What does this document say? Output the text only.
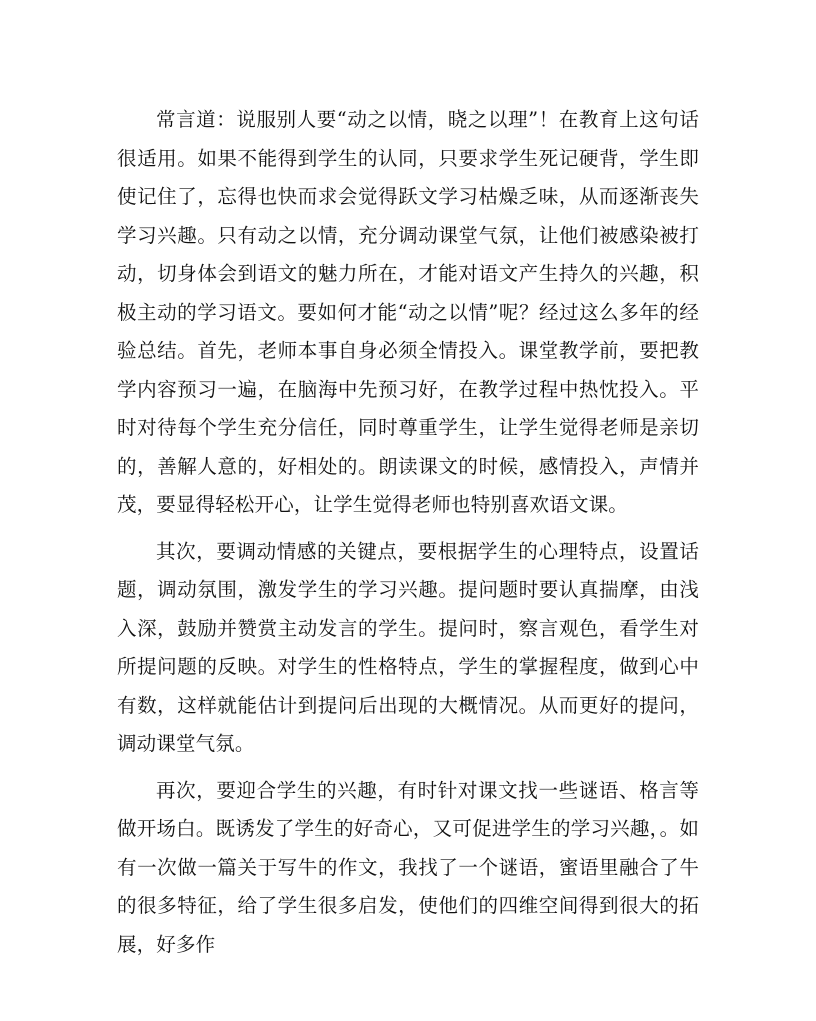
常言道：说服别人要“动之以情，晓之以理”！在教育上这句话很适用。如果不能得到学生的认同，只要求学生死记硬背，学生即使记住了，忘得也快而求会觉得跃文学习枯燥乏味，从而逐渐丧失学习兴趣。只有动之以情，充分调动课堂气氛，让他们被感染被打动，切身体会到语文的魅力所在，才能对语文产生持久的兴趣，积极主动的学习语文。要如何才能“动之以情”呢？经过这么多年的经验总结。首先，老师本事自身必须全情投入。课堂教学前，要把教学内容预习一遍，在脑海中先预习好，在教学过程中热忱投入。平时对待每个学生充分信任，同时尊重学生，让学生觉得老师是亲切的，善解人意的，好相处的。朗读课文的时候，感情投入，声情并茂，要显得轻松开心，让学生觉得老师也特别喜欢语文课。

其次，要调动情感的关键点，要根据学生的心理特点，设置话题，调动氛围，激发学生的学习兴趣。提问题时要认真揣摩，由浅入深，鼓励并赞赏主动发言的学生。提问时，察言观色，看学生对所提问题的反映。对学生的性格特点，学生的掌握程度，做到心中有数，这样就能估计到提问后出现的大概情况。从而更好的提问，调动课堂气氛。

再次，要迎合学生的兴趣，有时针对课文找一些谜语、格言等做开场白。既诱发了学生的好奇心，又可促进学生的学习兴趣，。如有一次做一篇关于写牛的作文，我找了一个谜语，蜜语里融合了牛的很多特征，给了学生很多启发，使他们的四维空间得到很大的拓展，好多作
